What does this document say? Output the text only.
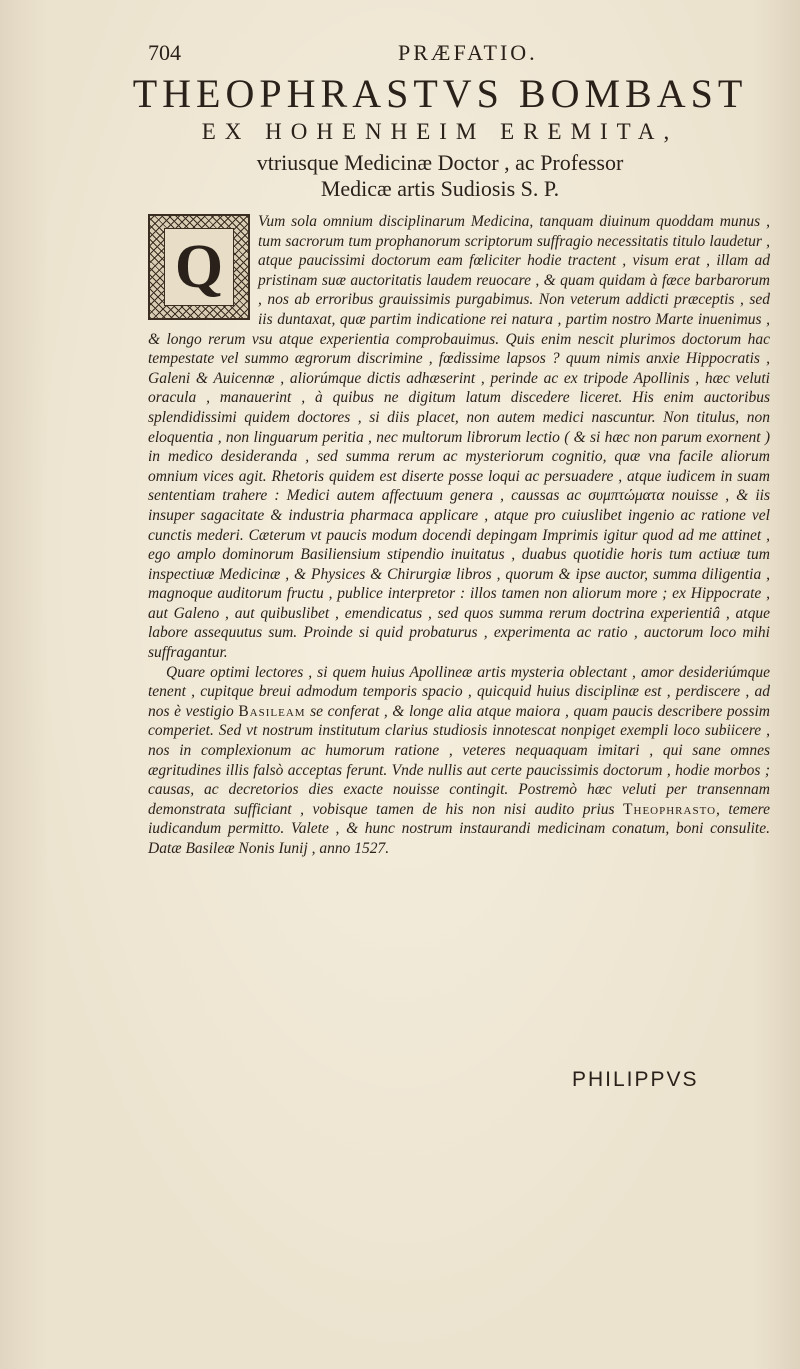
704	PRÆFATIO.

THEOPHRASTVS BOMBAST

EX HOHENHEIM EREMITA,

vtriusque Medicinæ Doctor , ac Professor

Medicæ artis Sudiosis S. P.

Q

Vum sola omnium disciplinarum Medicina, tanquam diuinum quoddam munus , tum sacrorum tum prophanorum scriptorum suffragio necessitatis titulo laudetur , atque paucissimi doctorum eam fœliciter hodie tractent , visum erat , illam ad pristinam suæ auctoritatis laudem reuocare , & quam quidam à fæce barbarorum , nos ab erroribus grauissimis purgabimus. Non veterum addicti præceptis , sed iis duntaxat, quæ partim indicatione rei natura , partim nostro Marte inuenimus , & longo rerum vsu atque experientia comprobauimus. Quis enim nescit plurimos doctorum hac tempestate vel summo ægrorum discrimine , fœdissime lapsos ? quum nimis anxie Hippocratis , Galeni & Auicennæ , aliorúmque dictis adhæserint , perinde ac ex tripode Apollinis , hæc veluti oracula , manauerint , à quibus ne digitum latum discedere liceret. His enim auctoribus splendidissimi quidem doctores , si diis placet, non autem medici nascuntur. Non titulus, non eloquentia , non linguarum peritia , nec multorum librorum lectio ( & si hæc non parum exornent ) in medico desideranda , sed summa rerum ac mysteriorum cognitio, quæ vna facile aliorum omnium vices agit. Rhetoris quidem est diserte posse loqui ac persuadere , atque iudicem in suam sententiam trahere : Medici autem affectuum genera , caussas ac συμπτώματα nouisse , & iis insuper sagacitate & industria pharmaca applicare , atque pro cuiuslibet ingenio ac ratione vel cunctis mederi. Cæterum vt paucis modum docendi depingam Imprimis igitur quod ad me attinet , ego amplo dominorum Basiliensium stipendio inuitatus , duabus quotidie horis tum actiuæ tum inspectiuæ Medicinæ , & Physices & Chirurgiæ libros , quorum & ipse auctor, summa diligentia , magnoque auditorum fructu , publice interpretor : illos tamen non aliorum more ; ex Hippocrate , aut Galeno , aut quibuslibet , emendicatus , sed quos summa rerum doctrina experientiâ , atque labore assequutus sum. Proinde si quid probaturus , experimenta ac ratio , auctorum loco mihi suffragantur.

Quare optimi lectores , si quem huius Apollineæ artis mysteria oblectant , amor desideriúmque tenent , cupitque breui admodum temporis spacio , quicquid huius disciplinæ est , perdiscere , ad nos è vestigio Basileam se conferat , & longe alia atque maiora , quam paucis describere possim comperiet. Sed vt nostrum institutum clarius studiosis innotescat nonpiget exempli loco subiicere , nos in complexionum ac humorum ratione , veteres nequaquam imitari , qui sane omnes ægritudines illis falsò acceptas ferunt. Vnde nullis aut certe paucissimis doctorum , hodie morbos ; causas, ac decretorios dies exacte nouisse contingit. Postremò hæc veluti per transennam demonstrata sufficiant , vobisque tamen de his non nisi audito prius Theophrasto, temere iudicandum permitto. Valete , & hunc nostrum instaurandi medicinam conatum, boni consulite. Datæ Basileæ Nonis Iunij , anno 1527.

PHILIPPVS
